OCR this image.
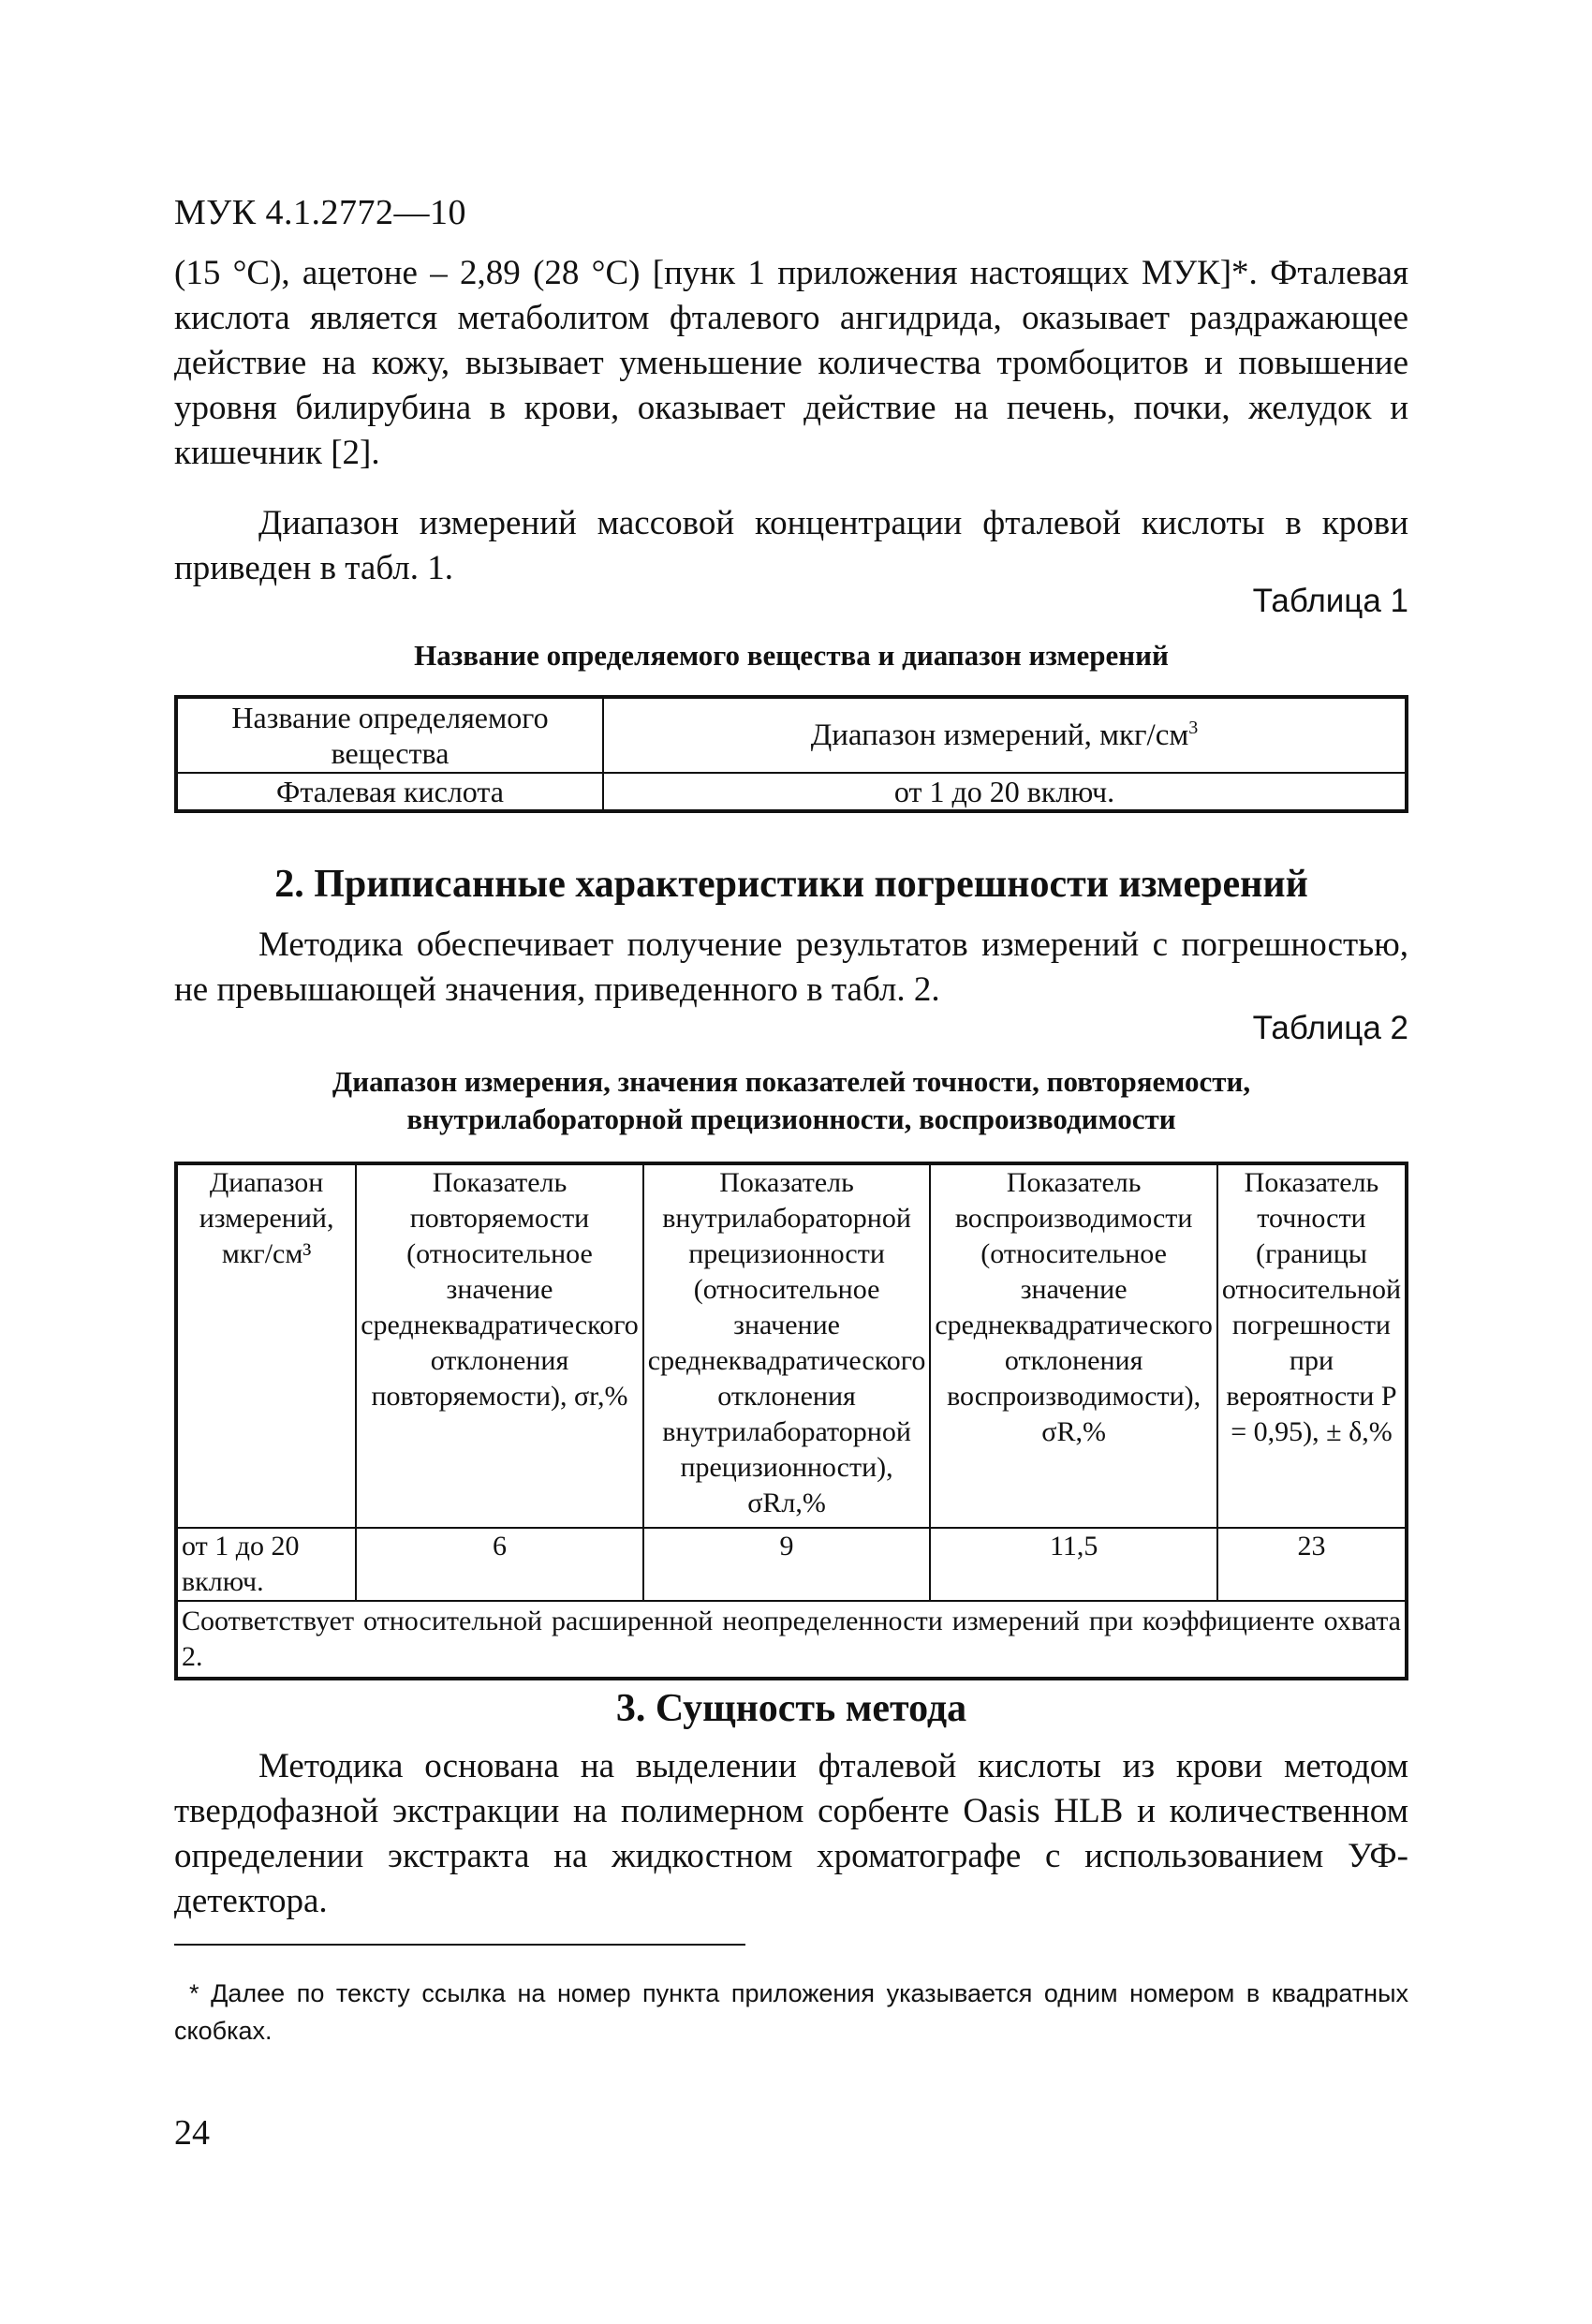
МУК 4.1.2772—10

(15 °С), ацетоне – 2,89 (28 °С) [пунк 1 приложения настоящих МУК]*. Фталевая кислота является метаболитом фталевого ангидрида, оказывает раздражающее действие на кожу, вызывает уменьшение количества тромбоцитов и повышение уровня билирубина в крови, оказывает действие на печень, почки, желудок и кишечник [2].

Диапазон измерений массовой концентрации фталевой кислоты в крови приведен в табл. 1.

Таблица 1
Название определяемого вещества и диапазон измерений
Название определяемого вещества	Диапазон измерений, мкг/$см^3$
Фталевая кислота	от 1 до 20 включ.
2. Приписанные характеристики погрешности измерений

Методика обеспечивает получение результатов измерений с погрешностью, не превышающей значения, приведенного в табл. 2.

Таблица 2
Диапазон измерения, значения показателей точности, повторяемости,
внутрилабораторной прецизионности, воспроизводимости
Диапазон измерений, мкг/см³	Показатель повторяемости (относительное значение среднеквадратического отклонения повторяемости), σr,%	Показатель внутрилабораторной прецизионности (относительное значение среднеквадратического отклонения внутрилабораторной прецизионности), σRл,%	Показатель воспроизводимости (относительное значение среднеквадратического отклонения воспроизводимости), σR,%	Показатель точности (границы относительной погрешности при вероятности P = 0,95), ± δ,%
от 1 до 20 включ.	6	9	11,5	23
Соответствует относительной расширенной неопределенности измерений при коэффициенте охвата 2.				
3. Сущность метода

Методика основана на выделении фталевой кислоты из крови методом твердофазной экстракции на полимерном сорбенте Oasis HLB и количественном определении экстракта на жидкостном хроматографе с использованием УФ-детектора.

* Далее по тексту ссылка на номер пункта приложения указывается одним номером в квадратных скобках.

24
